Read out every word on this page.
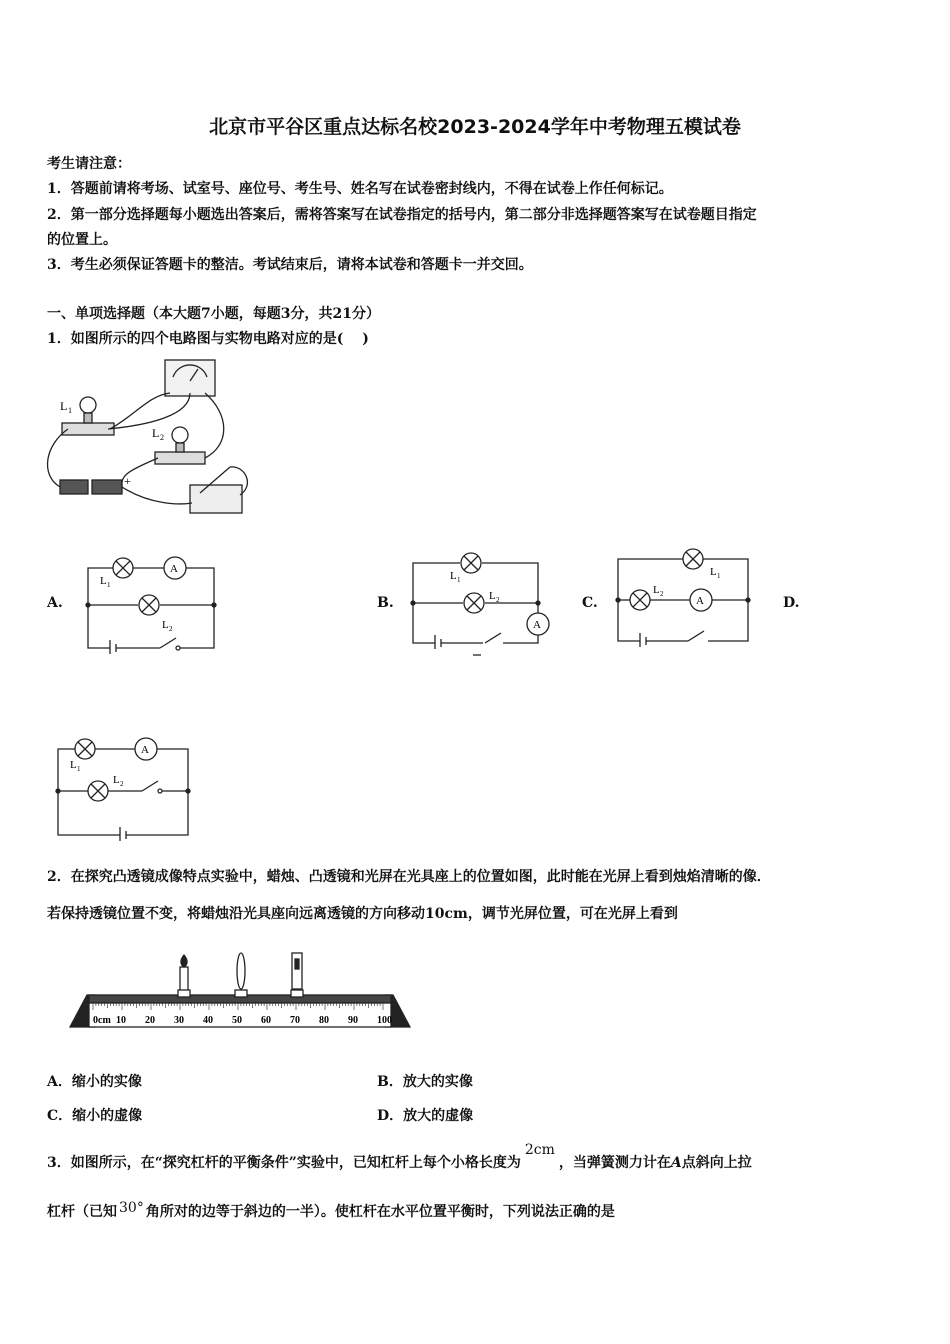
北京市平谷区重点达标名校2023-2024学年中考物理五模试卷
考生请注意：
1．答题前请将考场、试室号、座位号、考生号、姓名写在试卷密封线内，不得在试卷上作任何标记。
2．第一部分选择题每小题选出答案后，需将答案写在试卷指定的括号内，第二部分非选择题答案写在试卷题目指定
的位置上。
3．考生必须保证答题卡的整洁。考试结束后，请将本试卷和答题卡一并交回。
一、单项选择题（本大题7小题，每题3分，共21分）
1．如图所示的四个电路图与实物电路对应的是(　 )
L 1
L 2
+
A.	B.	C.	D.
A
L 1
L 2	A
L 1
L 2	A
L 1
L 2
A
L 1
L 2
2．在探究凸透镜成像特点实验中，蜡烛、凸透镜和光屏在光具座上的位置如图，此时能在光屏上看到烛焰清晰的像．
若保持透镜位置不变，将蜡烛沿光具座向远离透镜的方向移动10cm，调节光屏位置，可在光屏上看到
0cm 10 20 30 40 50 60 70 80 90 100
A．缩小的实像	B．放大的实像
C．缩小的虚像	D．放大的虚像
3．如图所示，在“探究杠杆的平衡条件”实验中，已知杠杆上每个小格长度为2cm，当弹簧测力计在A点斜向上拉
杠杆（已知 30° 角所对的边等于斜边的一半）。使杠杆在水平位置平衡时，下列说法正确的是
